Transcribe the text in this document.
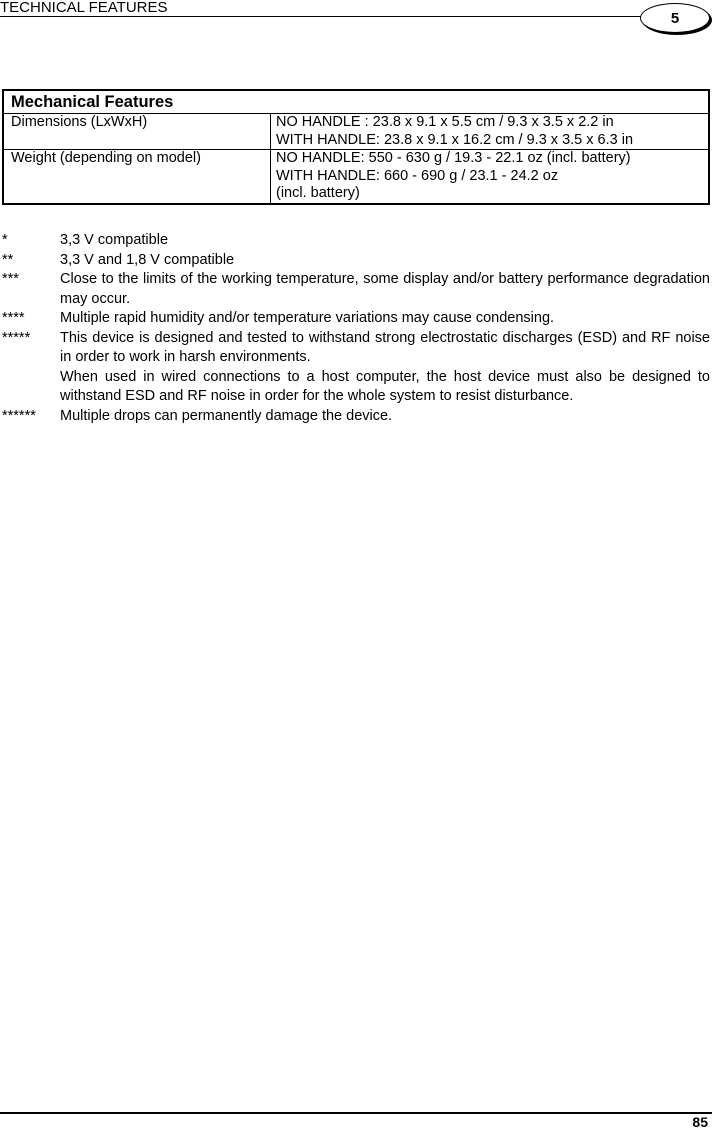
TECHNICAL FEATURES
5
Mechanical Features	
Dimensions (LxWxH)	NO HANDLE : 23.8 x 9.1 x 5.5 cm / 9.3 x 3.5 x 2.2 in
WITH HANDLE: 23.8 x 9.1 x 16.2 cm / 9.3 x 3.5 x 6.3 in

Weight (depending on model)	NO HANDLE: 550 - 630 g / 19.3 - 22.1 oz (incl. battery)
WITH HANDLE: 660 - 690 g / 23.1 - 24.2 oz
(incl. battery)
*	3,3 V compatible

**	3,3 V and 1,8 V compatible

***	Close to the limits of the working temperature, some display and/or battery performance degradation may occur.

****	Multiple rapid humidity and/or temperature variations may cause condensing.

*****	This device is designed and tested to withstand strong electrostatic discharges (ESD) and RF noise in order to work in harsh environments.

When used in wired connections to a host computer, the host device must also be designed to withstand ESD and RF noise in order for the whole system to resist disturbance.

******	Multiple drops can permanently damage the device.

85
